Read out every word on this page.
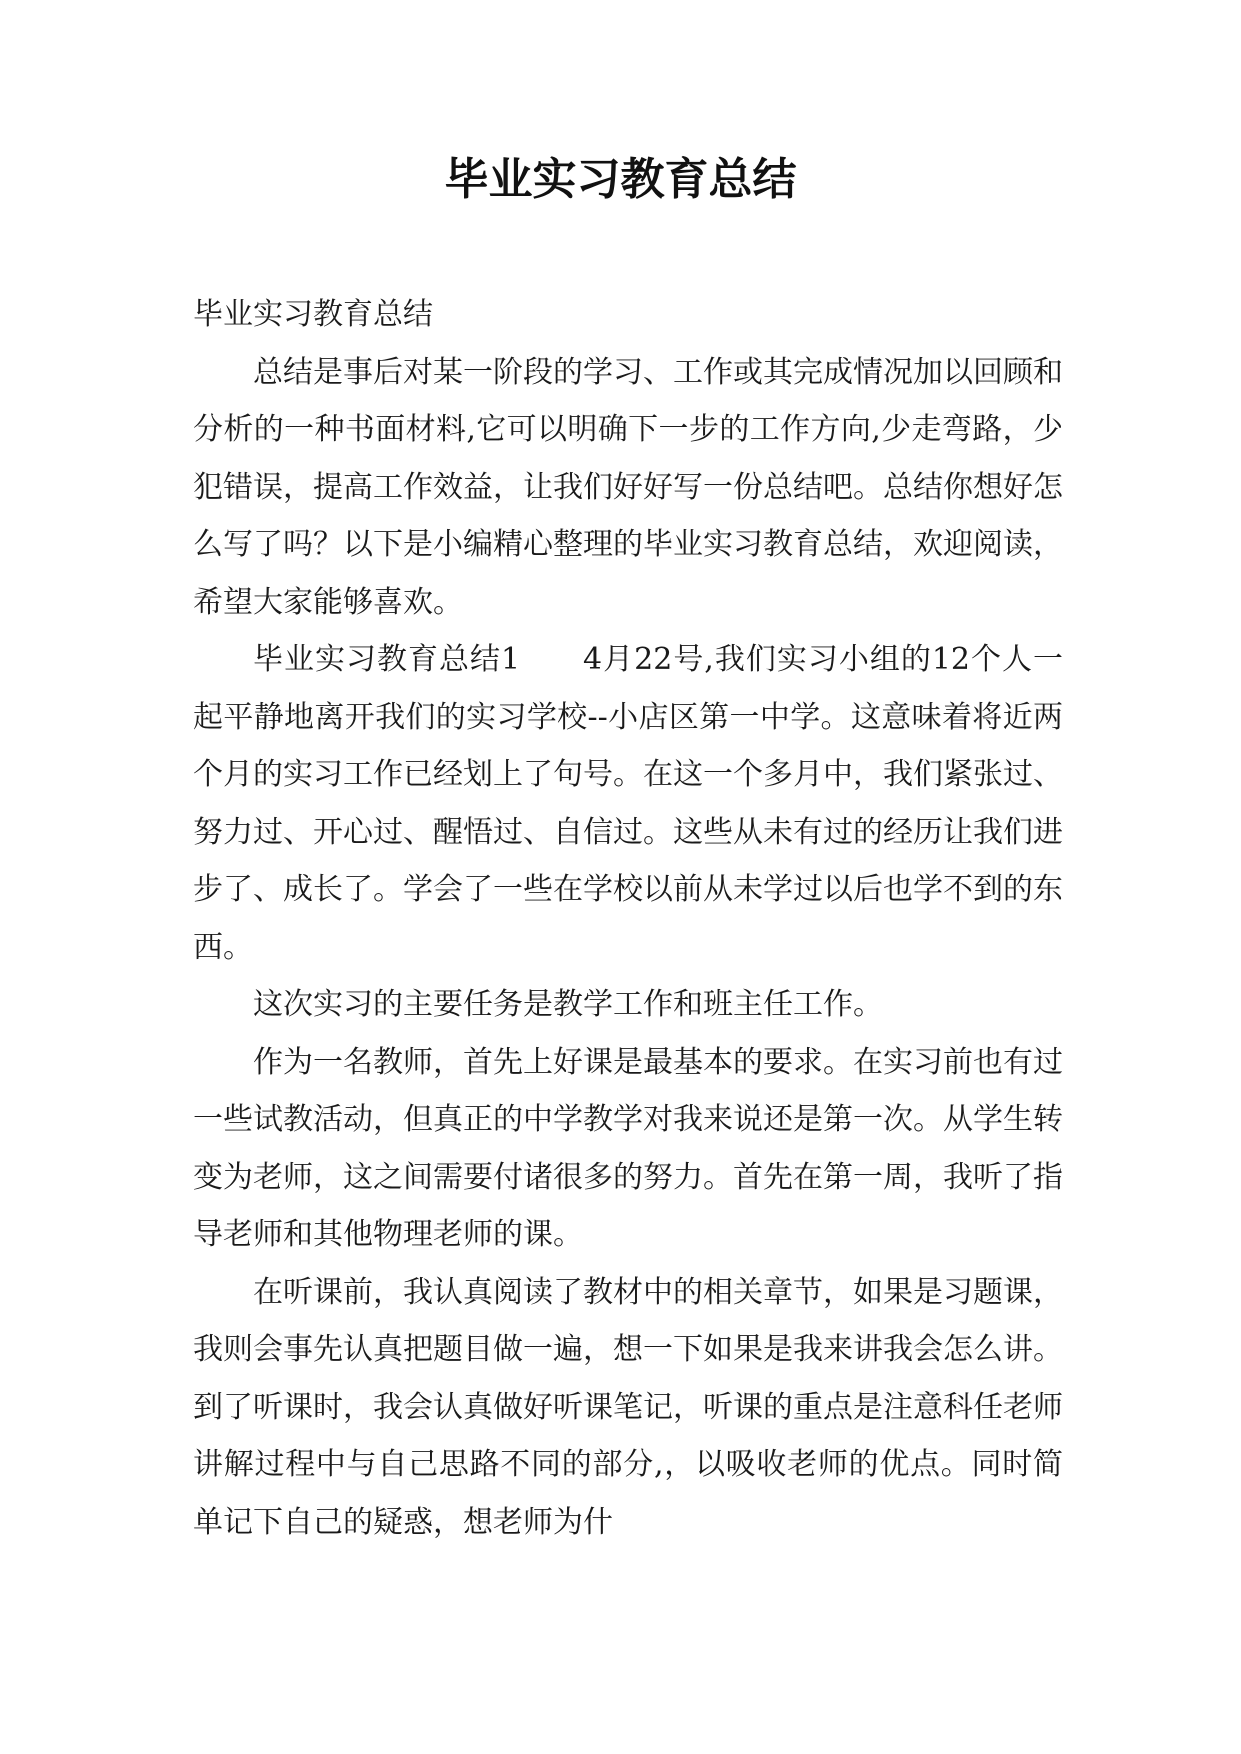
毕业实习教育总结

毕业实习教育总结

总结是事后对某一阶段的学习、工作或其完成情况加以回顾和分析的一种书面材料,它可以明确下一步的工作方向,少走弯路，少犯错误，提高工作效益，让我们好好写一份总结吧。总结你想好怎么写了吗？以下是小编精心整理的毕业实习教育总结，欢迎阅读，希望大家能够喜欢。

毕业实习教育总结1　　4月22号,我们实习小组的12个人一起平静地离开我们的实习学校--小店区第一中学。这意味着将近两个月的实习工作已经划上了句号。在这一个多月中，我们紧张过、努力过、开心过、醒悟过、自信过。这些从未有过的经历让我们进步了、成长了。学会了一些在学校以前从未学过以后也学不到的东西。

这次实习的主要任务是教学工作和班主任工作。

作为一名教师，首先上好课是最基本的要求。在实习前也有过一些试教活动，但真正的中学教学对我来说还是第一次。从学生转变为老师，这之间需要付诸很多的努力。首先在第一周，我听了指导老师和其他物理老师的课。

在听课前，我认真阅读了教材中的相关章节，如果是习题课，我则会事先认真把题目做一遍，想一下如果是我来讲我会怎么讲。到了听课时，我会认真做好听课笔记，听课的重点是注意科任老师讲解过程中与自己思路不同的部分,，以吸收老师的优点。同时简单记下自己的疑惑，想老师为什
